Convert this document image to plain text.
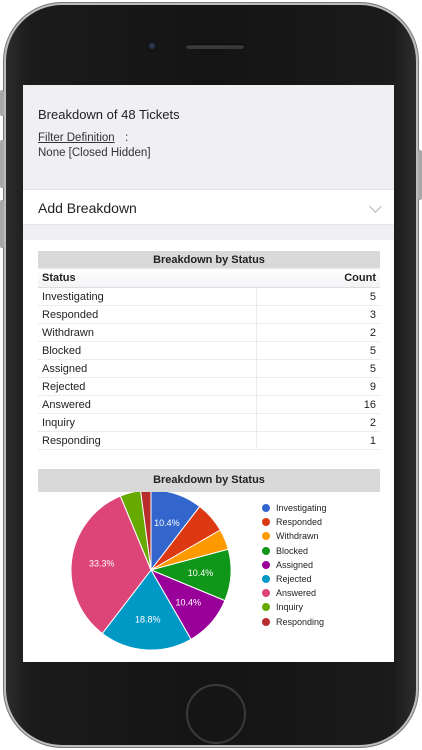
Breakdown of 48 Tickets
Filter Definition :
None [Closed Hidden]
Add Breakdown
Breakdown by Status	
Status	Count
Investigating	5
Responded	3
Withdrawn	2
Blocked	5
Assigned	5
Rejected	9
Answered	16
Inquiry	2
Responding	1
Breakdown by Status
10.4%
10.4%
10.4%
18.8%
33.3%
Investigating
Responded
Withdrawn
Blocked
Assigned
Rejected
Answered
Inquiry
Responding
